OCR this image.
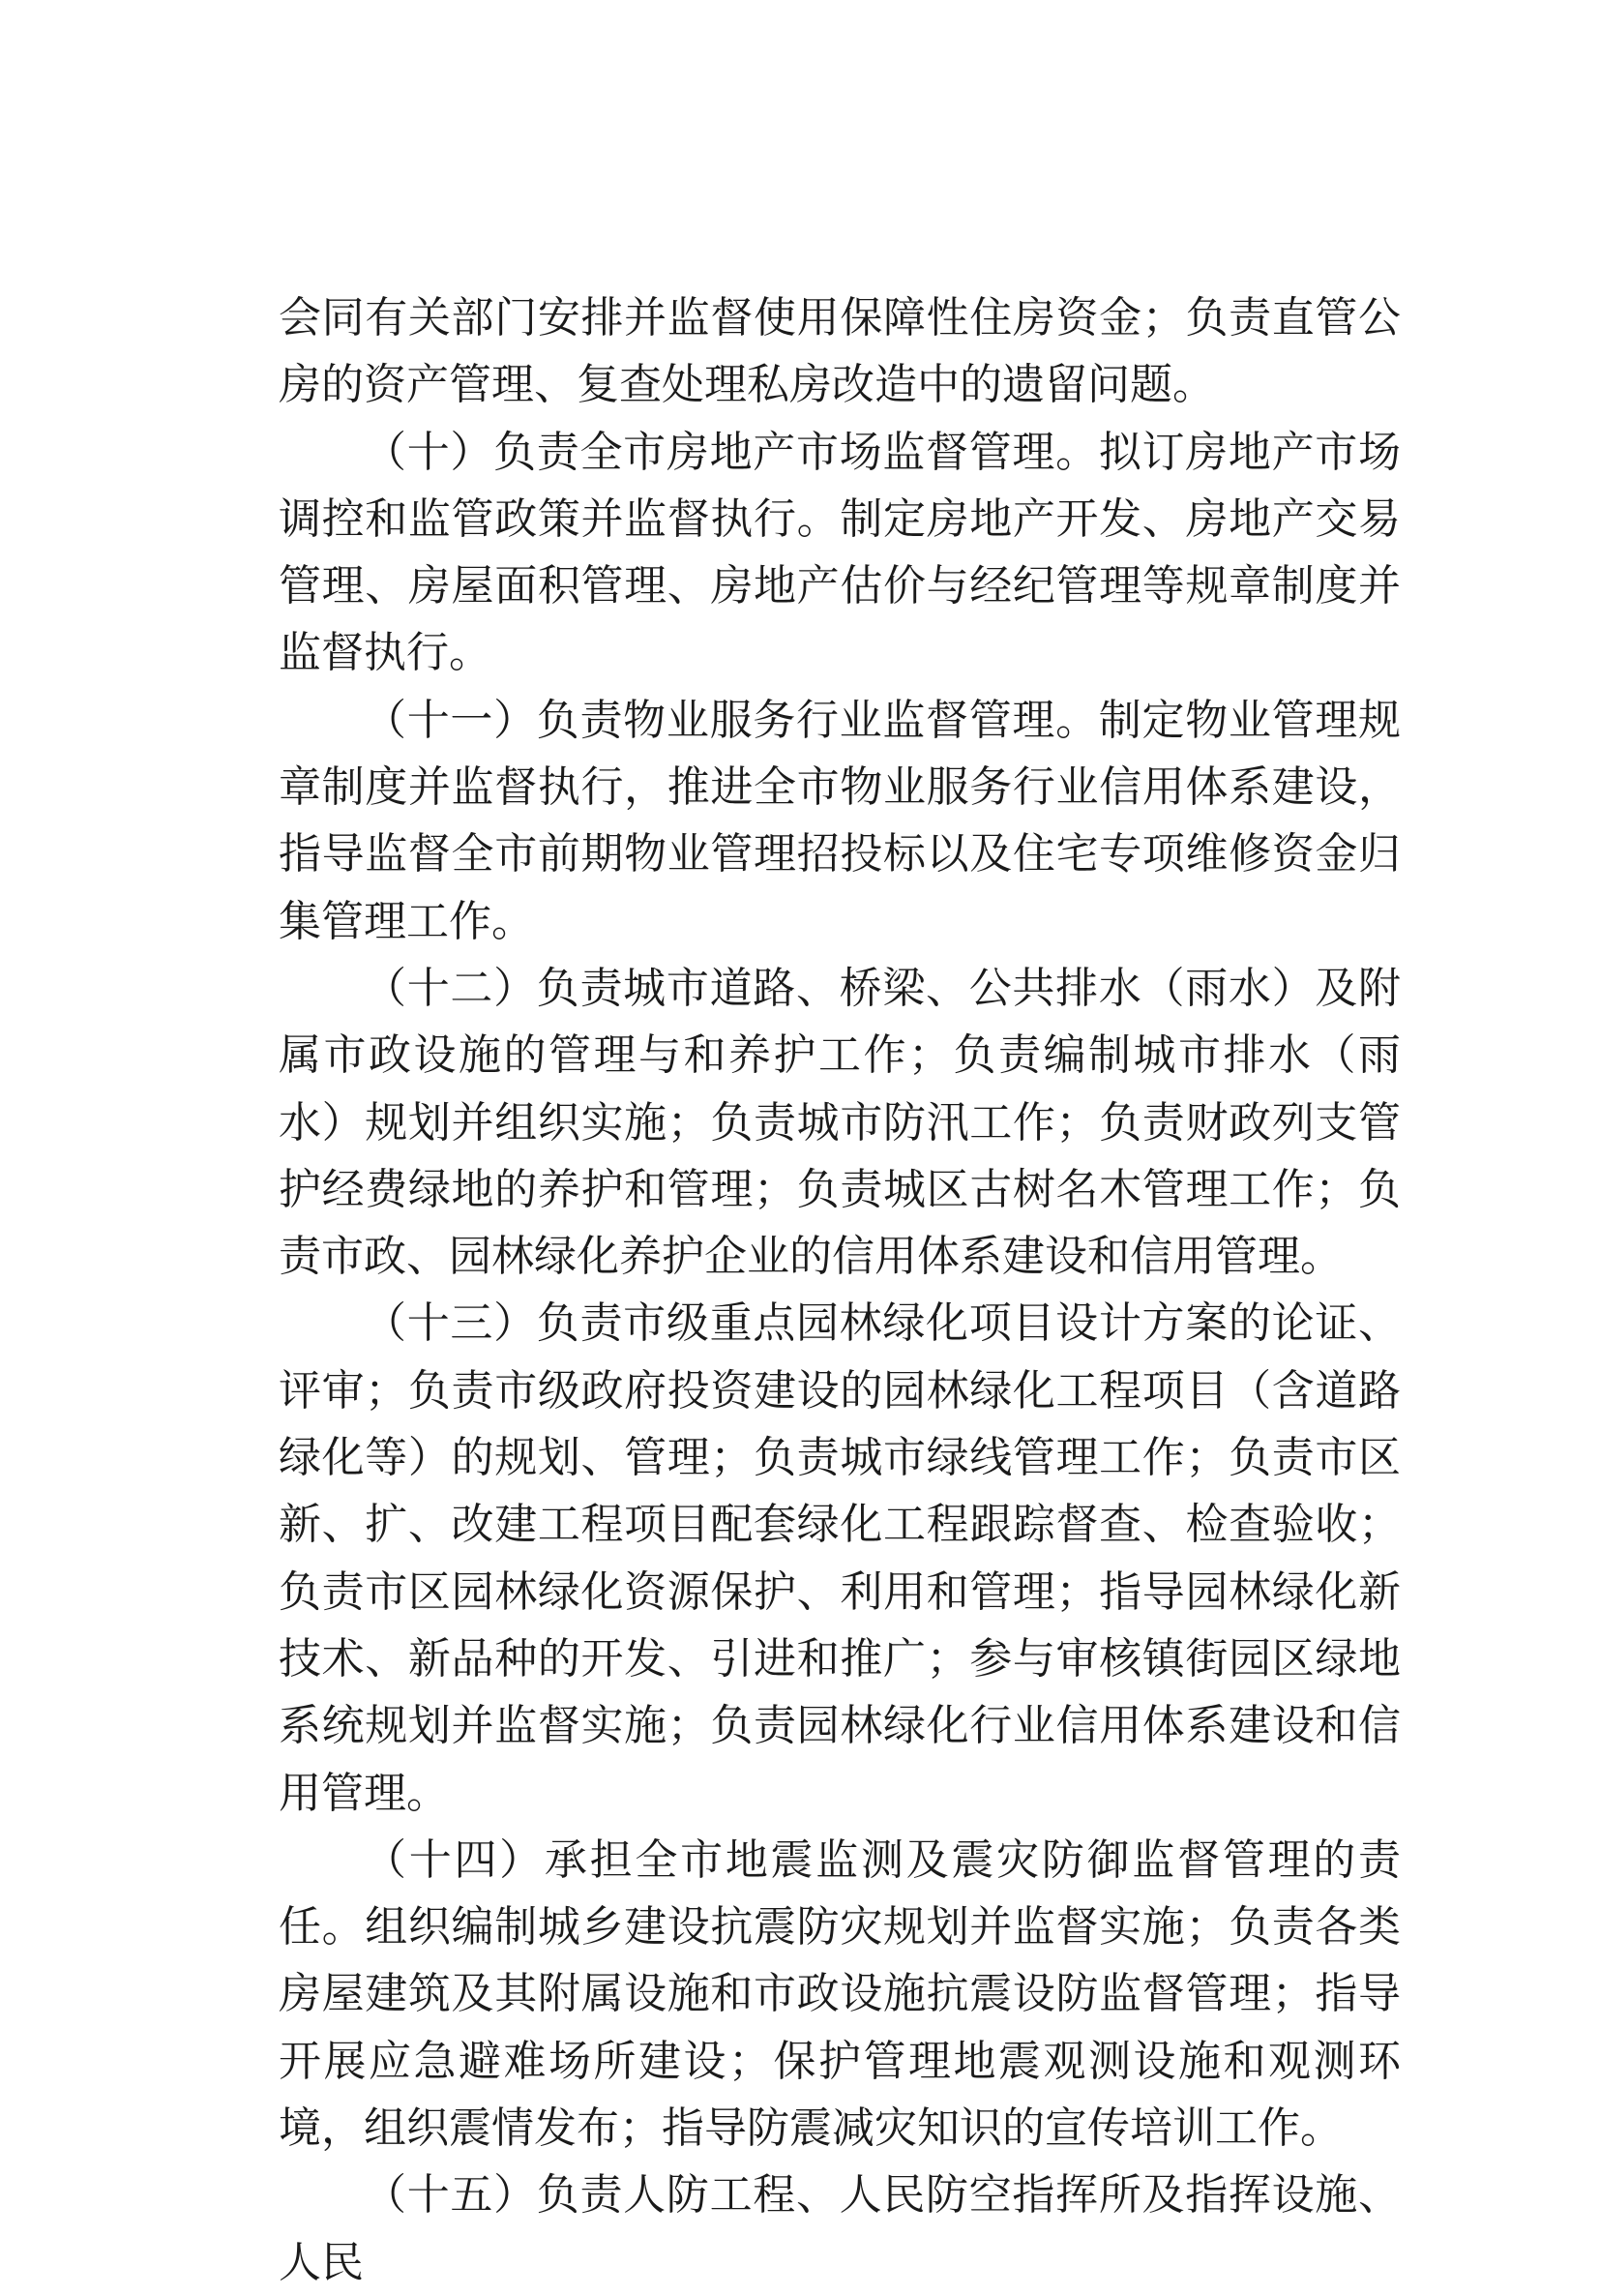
会同有关部门安排并监督使用保障性住房资金；负责直管公房的资产管理、复查处理私房改造中的遗留问题。

（十）负责全市房地产市场监督管理。拟订房地产市场调控和监管政策并监督执行。制定房地产开发、房地产交易管理、房屋面积管理、房地产估价与经纪管理等规章制度并监督执行。

（十一）负责物业服务行业监督管理。制定物业管理规章制度并监督执行，推进全市物业服务行业信用体系建设，指导监督全市前期物业管理招投标以及住宅专项维修资金归集管理工作。

（十二）负责城市道路、桥梁、公共排水（雨水）及附属市政设施的管理与和养护工作；负责编制城市排水（雨水）规划并组织实施；负责城市防汛工作；负责财政列支管护经费绿地的养护和管理；负责城区古树名木管理工作；负责市政、园林绿化养护企业的信用体系建设和信用管理。

（十三）负责市级重点园林绿化项目设计方案的论证、评审；负责市级政府投资建设的园林绿化工程项目（含道路绿化等）的规划、管理；负责城市绿线管理工作；负责市区新、扩、改建工程项目配套绿化工程跟踪督查、检查验收；负责市区园林绿化资源保护、利用和管理；指导园林绿化新技术、新品种的开发、引进和推广；参与审核镇街园区绿地系统规划并监督实施；负责园林绿化行业信用体系建设和信用管理。

（十四）承担全市地震监测及震灾防御监督管理的责任。组织编制城乡建设抗震防灾规划并监督实施；负责各类房屋建筑及其附属设施和市政设施抗震设防监督管理；指导开展应急避难场所建设；保护管理地震观测设施和观测环境，组织震情发布；指导防震减灾知识的宣传培训工作。

（十五）负责人防工程、人民防空指挥所及指挥设施、人民
